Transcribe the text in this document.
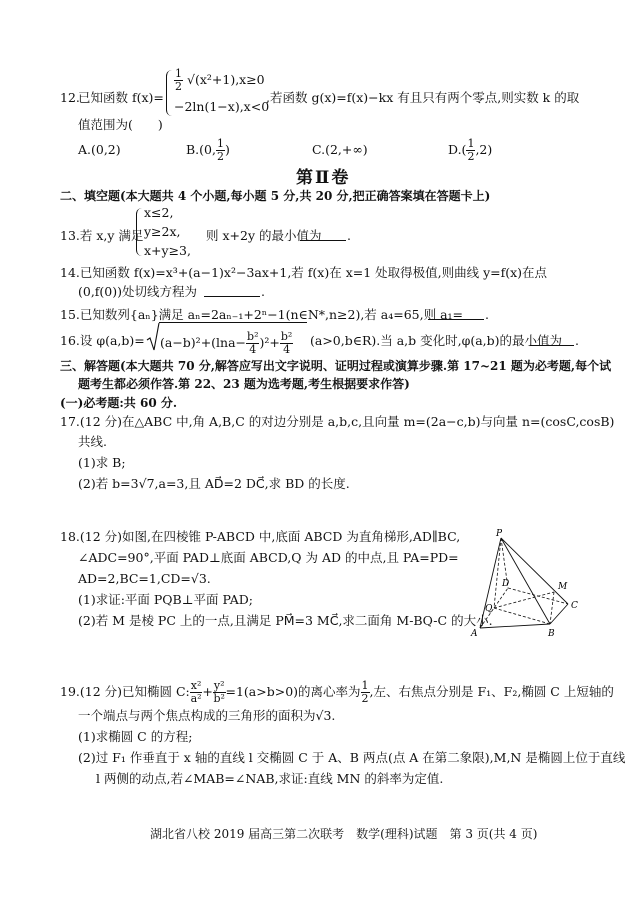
12.
已知函数 f(x)=
$\frac{1}{2} √(x^2+1),x\ge 0$
−2ln(1−x),x<0
,若函数 g(x)=f(x)−kx 有且只有两个零点,则实数 k 的取
值范围为(　　)
A.(0,2)	B.(0, $\frac{1}{2}$ )	C.(2,+∞)	$D.( \frac{1}{2} ,2)$
第Ⅱ卷
二、填空题(本大题共 4 个小题,每小题 5 分,共 20 分,把正确答案填在答题卡上)
13.若 x,y 满足
x≤2,
y≥2x,
x+y≥3,
则 x+2y 的最小值为 .
14.已知函数 f(x)=x³+(a−1)x²−3ax+1,若 f(x)在 x=1 处取得极值,则曲线 y=f(x)在点
(0,f(0))处切线方程为	.
15.已知数列{aₙ}满足 aₙ=2aₙ₋₁+2ⁿ−1(n∈N*,n≥2),若 a₄=65,则 a₁= .
16.设 $\varphi(a,b)= (a-b)^2+(\ln a- \frac{\text{b²}}{4} )^2+ \frac{\text{b²}}{4}$ (a>0,b∈R).当 a,b 变化时,φ(a,b)的最小值为 .
三、解答题(本大题共 70 分,解答应写出文字说明、证明过程或演算步骤.第 17~21 题为必考题,每个试
题考生都必须作答.第 22、23 题为选考题,考生根据要求作答)
(一)必考题:共 60 分.
17.(12 分)在△ABC 中,角 A,B,C 的对边分别是 a,b,c,且向量 m=(2a−c,b)与向量 n=(cosC,cosB)
共线.
(1)求 B;
(2)若 b=3√7,a=3,且 AD⃗=2 DC⃗,求 BD 的长度.
18.(12 分)如图,在四棱锥 P-ABCD 中,底面 ABCD 为直角梯形,AD∥BC,
∠ADC=90°,平面 PAD⊥底面 ABCD,Q 为 AD 的中点,且 PA=PD=
AD=2,BC=1,CD=√3.
(1)求证:平面 PQB⊥平面 PAD;
(2)若 M 是棱 PC 上的一点,且满足 PM⃗=3 MC⃗,求二面角 M-BQ-C 的大小.
P
D	M
Q	C
A	B
19.(12 分)已知椭圆 C: $\frac{\text{x²}}{\text{a²}} + \frac{\text{y²}}{\text{b²}} =1(a>b>0)$的离心率为 $\frac{1}{2}$ ,左、右焦点分别是 F₁、F₂,椭圆 C 上短轴的
一个端点与两个焦点构成的三角形的面积为√3.
(1)求椭圆 C 的方程;
(2)过 F₁ 作垂直于 x 轴的直线 l 交椭圆 C 于 A、B 两点(点 A 在第二象限),M,N 是椭圆上位于直线
l 两侧的动点,若∠MAB=∠NAB,求证:直线 MN 的斜率为定值.
湖北省八校 2019 届高三第二次联考　数学(理科)试题　第 3 页(共 4 页)
